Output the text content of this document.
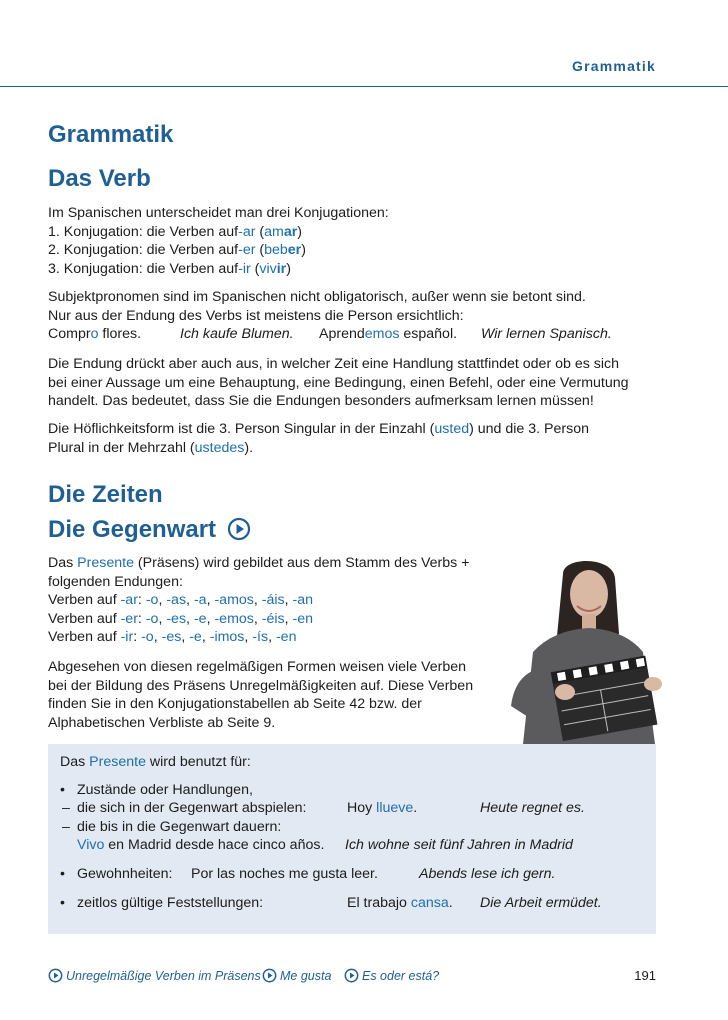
Grammatik
Grammatik
Das Verb
Im Spanischen unterscheidet man drei Konjugationen:
1. Konjugation: die Verben auf -ar ( am ar )
2. Konjugation: die Verben auf -er ( beb er )
3. Konjugation: die Verben auf -ir ( viv ir )
Subjektpronomen sind im Spanischen nicht obligatorisch, außer wenn sie betont sind.
Nur aus der Endung des Verbs ist meistens die Person ersichtlich:
Compro flores.	Ich kaufe Blumen. Aprendemos español. Wir lernen Spanisch.
Die Endung drückt aber auch aus, in welcher Zeit eine Handlung stattfindet oder ob es sich
bei einer Aussage um eine Behauptung, eine Bedingung, einen Befehl, oder eine Vermutung
handelt. Das bedeutet, dass Sie die Endungen besonders aufmerksam lernen müssen!
Die Höflichkeitsform ist die 3. Person Singular in der Einzahl ( usted ) und die 3. Person
Plural in der Mehrzahl ( ustedes ).
Die Zeiten
Die Gegenwart
Das Presente (Präsens) wird gebildet aus dem Stamm des Verbs +
folgenden Endungen:
Verben auf -ar : -o , -as , -a , -amos , -áis , -an
Verben auf -er : -o , -es , -e , -emos , -éis , -en
Verben auf -ir : -o , -es , -e , -imos , -ís , -en
Abgesehen von diesen regelmäßigen Formen weisen viele Verben
bei der Bildung des Präsens Unregelmäßigkeiten auf. Diese Verben
finden Sie in den Konjugationstabellen ab Seite 42 bzw. der
Alphabetischen Verbliste ab Seite 9.
Das Presente wird benutzt für:
• Zustände oder Handlungen,
– die sich in der Gegenwart abspielen:	Hoy llueve.	Heute regnet es.
– die bis in die Gegenwart dauern:
Vivo en Madrid desde hace cinco años. Ich wohne seit fünf Jahren in Madrid
• Gewohnheiten: Por las noches me gusta leer.	Abends lese ich gern.
• zeitlos gültige Feststellungen:	El trabajo cansa. Die Arbeit ermüdet.
Unregelmäßige Verben im Präsens Me gusta Es oder está?	191
